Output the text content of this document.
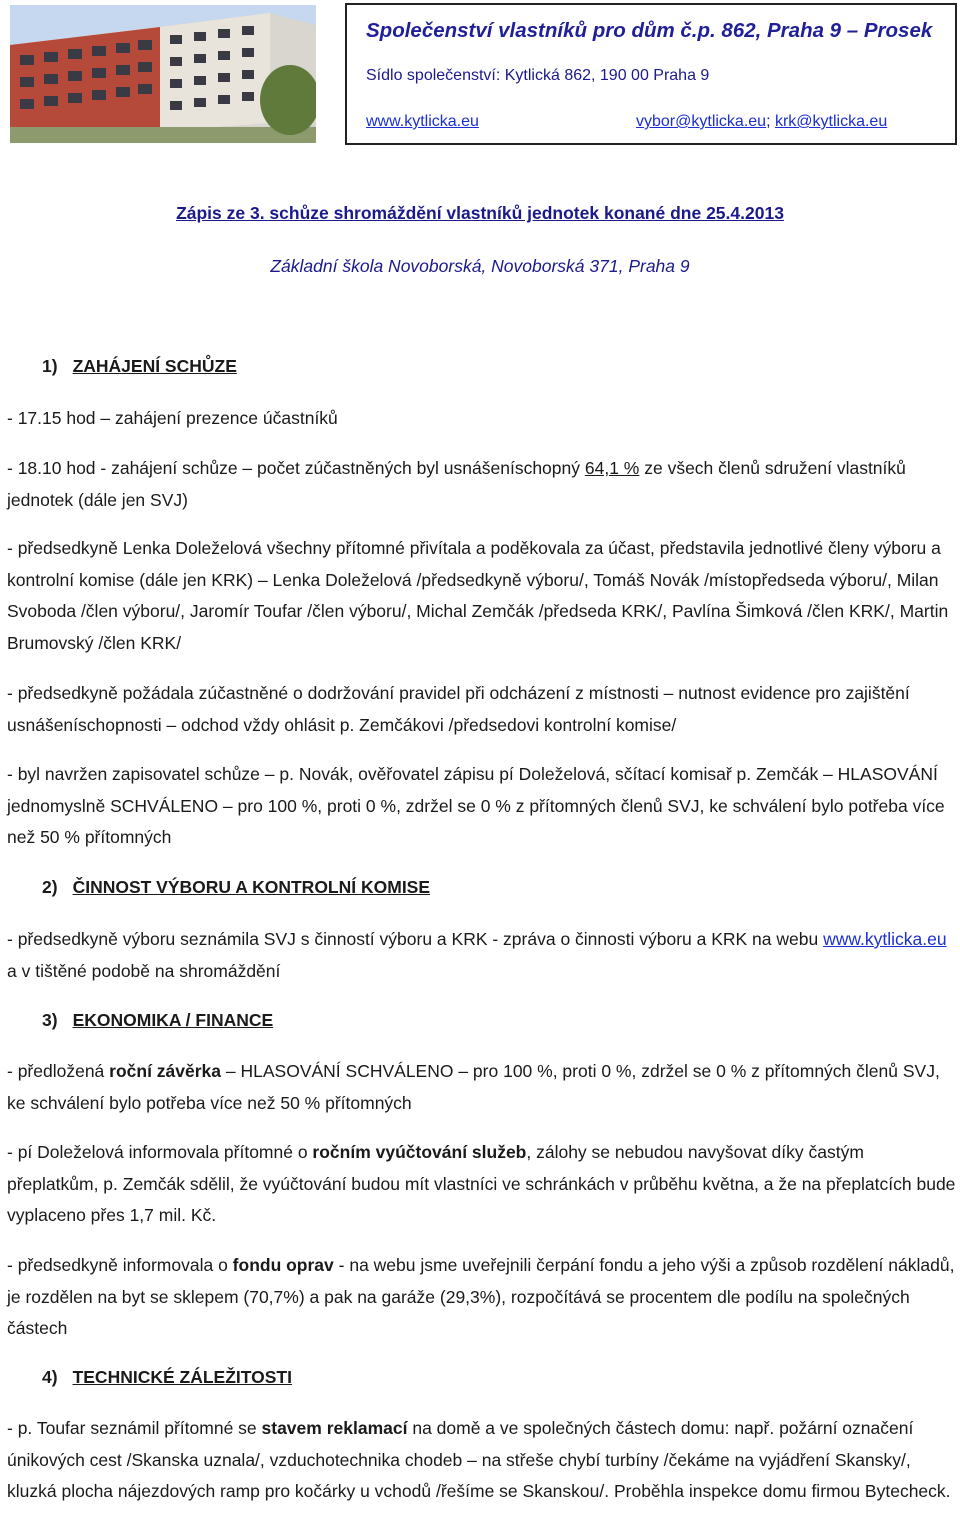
Společenství vlastníků pro dům č.p. 862, Praha 9 – Prosek
Sídlo společenství: Kytlická 862, 190 00 Praha 9
www.kytlicka.eu	vybor@kytlicka.eu; krk@kytlicka.eu
Zápis ze 3. schůze shromáždění vlastníků jednotek konané dne 25.4.2013
Základní škola Novoborská, Novoborská 371, Praha 9
1) ZAHÁJENÍ SCHŮZE

- 17.15 hod – zahájení prezence účastníků

- 18.10 hod - zahájení schůze – počet zúčastněných byl usnášeníschopný 64,1 % ze všech členů sdružení vlastníků jednotek (dále jen SVJ)

- předsedkyně Lenka Doleželová všechny přítomné přivítala a poděkovala za účast, představila jednotlivé členy výboru a kontrolní komise (dále jen KRK) – Lenka Doleželová /předsedkyně výboru/, Tomáš Novák /místopředseda výboru/, Milan Svoboda /člen výboru/, Jaromír Toufar /člen výboru/, Michal Zemčák /předseda KRK/, Pavlína Šimková /člen KRK/, Martin Brumovský /člen KRK/

- předsedkyně požádala zúčastněné o dodržování pravidel při odcházení z místnosti – nutnost evidence pro zajištění usnášeníschopnosti – odchod vždy ohlásit p. Zemčákovi /předsedovi kontrolní komise/

- byl navržen zapisovatel schůze – p. Novák, ověřovatel zápisu pí Doleželová, sčítací komisař p. Zemčák – HLASOVÁNÍ jednomyslně SCHVÁLENO – pro 100 %, proti 0 %, zdržel se 0 % z přítomných členů SVJ, ke schválení bylo potřeba více než 50 % přítomných

2) ČINNOST VÝBORU A KONTROLNÍ KOMISE

- předsedkyně výboru seznámila SVJ s činností výboru a KRK - zpráva o činnosti výboru a KRK na webu www.kytlicka.eu a v tištěné podobě na shromáždění

3) EKONOMIKA / FINANCE

- předložená roční závěrka – HLASOVÁNÍ SCHVÁLENO – pro 100 %, proti 0 %, zdržel se 0 % z přítomných členů SVJ, ke schválení bylo potřeba více než 50 % přítomných

- pí Doleželová informovala přítomné o ročním vyúčtování služeb, zálohy se nebudou navyšovat díky častým přeplatkům, p. Zemčák sdělil, že vyúčtování budou mít vlastníci ve schránkách v průběhu května, a že na přeplatcích bude vyplaceno přes 1,7 mil. Kč.

- předsedkyně informovala o fondu oprav - na webu jsme uveřejnili čerpání fondu a jeho výši a způsob rozdělení nákladů, je rozdělen na byt se sklepem (70,7%) a pak na garáže (29,3%), rozpočítává se procentem dle podílu na společných částech

4) TECHNICKÉ ZÁLEŽITOSTI

- p. Toufar seznámil přítomné se stavem reklamací na domě a ve společných částech domu: např. požární označení únikových cest /Skanska uznala/, vzduchotechnika chodeb – na střeše chybí turbíny /čekáme na vyjádření Skansky/, kluzká plocha nájezdových ramp pro kočárky u vchodů /řešíme se Skanskou/. Proběhla inspekce domu firmou Bytecheck.
